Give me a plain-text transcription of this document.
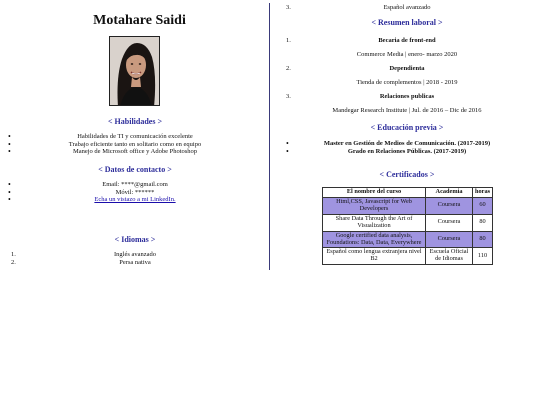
Motahare Saidi
< Habilidades >
• Habilidades de TI y comunicación excelente
• Trabajo eficiente tanto en solitario como en equipo
• Manejo de Microsoft office y Adobe Photoshop
< Datos de contacto >
• Email: ****@gmail.com
• Móvil: ******
• Echa un vistazo a mi LinkedIn.
< Idiomas >
1.	Inglés avanzado
2.	Persa nativa
3.	Español avanzado
< Resumen laboral >
1.	Becaria de front-end
Commerce Media | enero- marzo 2020
2.	Dependienta
Tienda de complementos | 2018 - 2019
3.	Relaciones publicas
Mandegar Research Institute | Jul. de 2016 – Dic de 2016
< Educación previa >
• Master en Gestión de Medios de Comunicación. (2017-2019)
• Grado en Relaciones Públicas. (2017-2019)
< Certificados >
El nombre del curso	Academia	horas
Html,CSS, Javascript for Web Developers	Coursera	60
Share Data Through the Art of Visualization	Coursera	80
Google certified data analysis, Foundations: Data, Data, Everywhere	Coursera	80
Español como lengua extranjera nivel B2	Escuela Oficial de Idiomas	110
